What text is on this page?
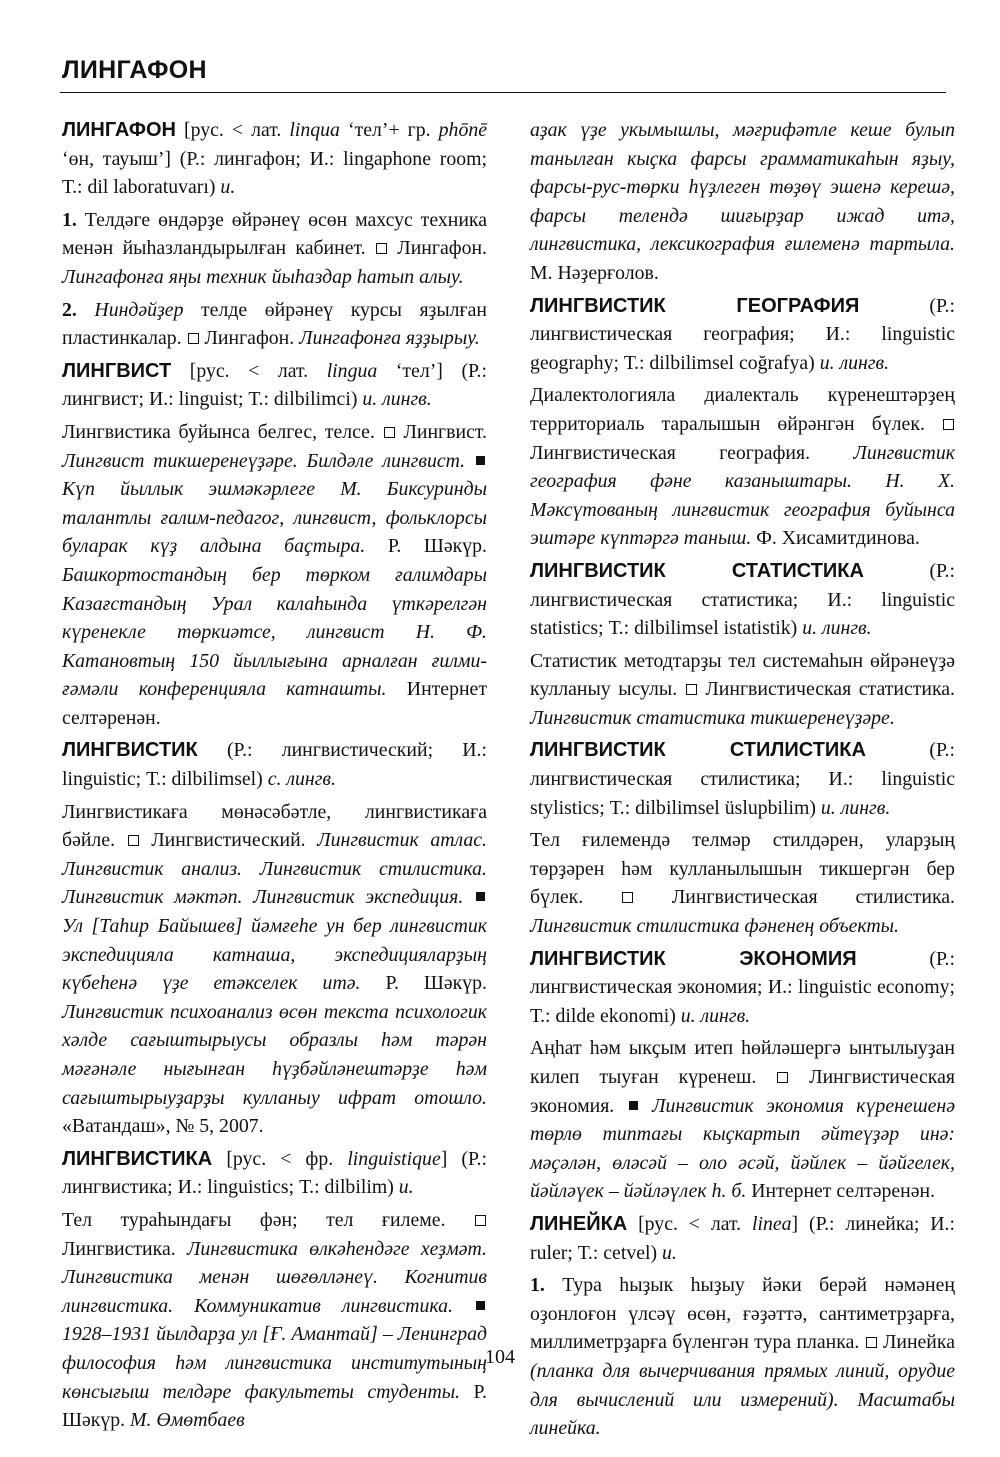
ЛИНГАФОН

ЛИНГАФОН [рус. < лат. linqua ‘тел’+ гр. phōnē ‘өн, тауыш’] (Р.: лингафон; И.: lingaphone room; Т.: dil laboratuvarı) и.

1. Телдәге өндәрҙе өйрәнеү өсөн махсус техника менән йыһазландырылған кабинет.  Лингафон. Лингафонға яңы техник йыһаздар һатып алыу.

2. Ниндәйҙер телде өйрәнеү курсы яҙылған пластинкалар.  Лингафон. Лингафонға яҙҙырыу.

ЛИНГВИСТ [рус. < лат. lingua ‘тел’] (Р.: лингвист; И.: linguist; Т.: dilbilimci) и. лингв.

Лингвистика буйынса белгес, телсе.  Лингвист. Лингвист тикшеренеүҙәре. Билдәле лингвист.  Күп йыллык эшмәкәрлеге М. Биксуринды талантлы ғалим-педагог, лингвист, фольклорсы буларак күҙ алдына баҫтыра. Р. Шәкүр. Башкортостандың бер төрком ғалимдары Казағстандың Урал калаһында үткәрелгән күренекле төркиәтсе, лингвист Н. Ф. Катановтың 150 йыллығына арналған ғилми-ғәмәли конференцияла катнашты. Интернет селтәренән.

ЛИНГВИСТИК (Р.: лингвистический; И.: linguistic; Т.: dilbilimsel) с. лингв.

Лингвистикаға мөнәсәбәтле, лингвистикаға бәйле.  Лингвистический. Лингвистик атлас. Лингвистик анализ. Лингвистик стилистика. Лингвистик мәктәп. Лингвистик экспедиция.  Ул [Таһир Байышев] йәмғеһе ун бер лингвистик экспедицияла катнаша, экспедицияларҙың күбеһенә үҙе етәкселек итә. Р. Шәкүр. Лингвистик психоанализ өсөн текста психологик хәлде сағыштырыусы образлы һәм тәрән мәғәнәле нығынған һүҙбәйләнештәрҙе һәм сағыштырыуҙарҙы кулланыу ифрат отошло. «Ватандаш», № 5, 2007.

ЛИНГВИСТИКА [рус. < фр. linguistique] (Р.: лингвистика; И.: linguistics; Т.: dilbilim) и.

Тел тураһындағы фән; тел ғилеме.  Лингвистика. Лингвистика өлкәһендәге хеҙмәт. Лингвистика менән шөғөлләнеү. Когнитив лингвистика. Коммуникатив лингвистика.  1928–1931 йылдарҙа ул [Ғ. Амантай] – Ленинград философия һәм лингвистика институтының көнсығыш телдәре факультеты студенты. Р. Шәкүр. М. Өмөтбаев

аҙак үҙе укымышлы, мәғрифәтле кеше булып танылған кыҫка фарсы грамматикаһын яҙыу, фарсы-рус-төрки һүҙлеген төҙөү эшенә керешә, фарсы телендә шиғырҙар ижад итә, лингвистика, лексикография ғилеменә тартыла. М. Нәҙерғолов.

ЛИНГВИСТИК ГЕОГРАФИЯ (Р.: лингвистическая география; И.: linguistic geography; Т.: dilbilimsel coğrafya) и. лингв.

Диалектологияла диалекталь күренештәрҙең территориаль таралышын өйрәнгән бүлек.  Лингвистическая география. Лингвистик география фәне казаныштары. Н. Х. Мәксүтованың лингвистик география буйынса эштәре күптәргә таныш. Ф. Хисамитдинова.

ЛИНГВИСТИК СТАТИСТИКА (Р.: лингвистическая статистика; И.: linguistic statistics; Т.: dilbilimsel istatistik) и. лингв.

Статистик методтарҙы тел системаһын өйрәнеүҙә кулланыу ысулы.  Лингвистическая статистика. Лингвистик статистика тикшеренеүҙәре.

ЛИНГВИСТИК СТИЛИСТИКА (Р.: лингвистическая стилистика; И.: linguistic stylistics; Т.: dilbilimsel üslupbilim) и. лингв.

Тел ғилемендә телмәр стилдәрен, уларҙың төрҙәрен һәм кулланылышын тикшергән бер бүлек.  Лингвистическая стилистика. Лингвистик стилистика фәненең объекты.

ЛИНГВИСТИК ЭКОНОМИЯ (Р.: лингвистическая экономия; И.: linguistic economy; Т.: dilde ekonomi) и. лингв.

Аңһат һәм ыкҫым итеп һөйләшергә ынтылыуҙан килеп тыуған күренеш.  Лингвистическая экономия.  Лингвистик экономия күренешенә төрлө типтағы кыҫкартып әйтеүҙәр инә: мәҫәлән, өләсәй – оло әсәй, йәйлек – йәйгелек, йәйләүек – йәйләүлек һ. б. Интернет селтәренән.

ЛИНЕЙКА [рус. < лат. linea] (Р.: линейка; И.: ruler; Т.: cetvel) и.

1. Тура һыҙык һыҙыу йәки берәй нәмәнең оҙонлоғон үлсәү өсөн, ғәҙәттә, сантиметрҙарға, миллиметрҙарға бүленгән тура планка.  Линейка (планка для вычерчивания прямых линий, орудие для вычислений или измерений). Масштабы линейка.

104
